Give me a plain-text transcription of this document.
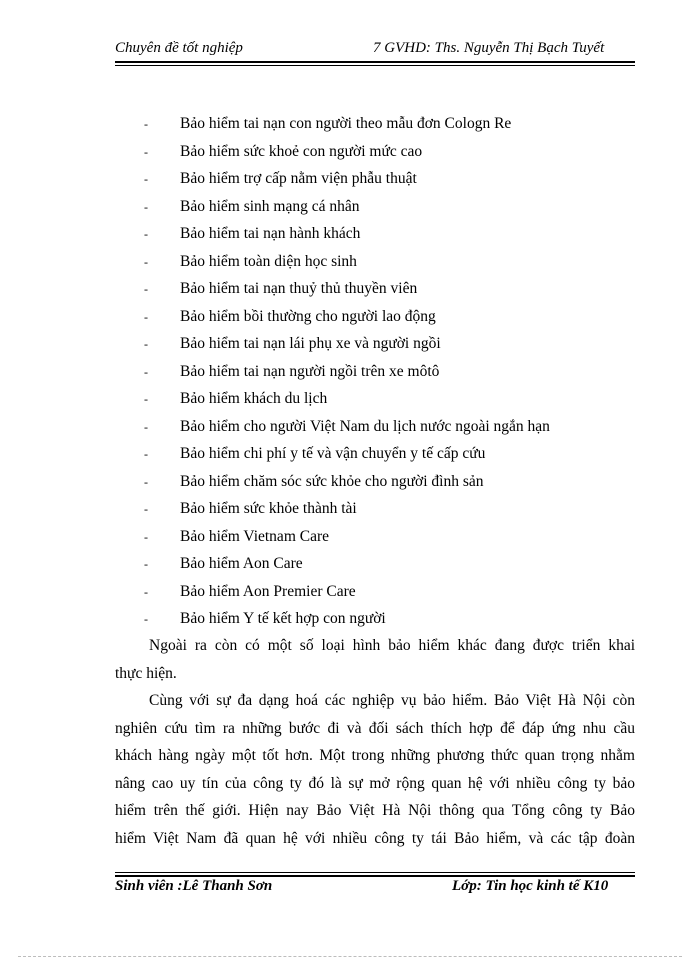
Chuyên đề tốt nghiệp	7 GVHD: Ths. Nguyễn Thị Bạch Tuyết
- Bảo hiểm tai nạn con người theo mẫu đơn Cologn Re
- Bảo hiểm sức khoẻ con người mức cao
- Bảo hiểm trợ cấp nằm viện phẫu thuật
- Bảo hiểm sinh mạng cá nhân
- Bảo hiểm tai nạn hành khách
- Bảo hiểm toàn diện học sinh
- Bảo hiểm tai nạn thuỷ thủ thuyền viên
- Bảo hiểm bồi thường cho người lao động
- Bảo hiểm tai nạn lái phụ xe và người ngồi
- Bảo hiểm tai nạn người ngồi trên xe môtô
- Bảo hiểm khách du lịch
- Bảo hiểm cho người Việt Nam du lịch nước ngoài ngắn hạn
- Bảo hiểm chi phí y tế và vận chuyển y tế cấp cứu
- Bảo hiểm chăm sóc sức khỏe cho người đình sản
- Bảo hiểm sức khỏe thành tài
- Bảo hiểm Vietnam Care
- Bảo hiểm Aon Care
- Bảo hiểm Aon Premier Care
- Bảo hiểm Y tế kết hợp con người
Ngoài ra còn có một số loại hình bảo hiểm khác đang được triển khai
thực hiện.
Cùng với sự đa dạng hoá các nghiệp vụ bảo hiểm. Bảo Việt Hà Nội còn
nghiên cứu tìm ra những bước đi và đối sách thích hợp để đáp ứng nhu cầu
khách hàng ngày một tốt hơn. Một trong những phương thức quan trọng nhằm
nâng cao uy tín của công ty đó là sự mở rộng quan hệ với nhiều công ty bảo
hiểm trên thế giới. Hiện nay Bảo Việt Hà Nội thông qua Tổng công ty Bảo
hiểm Việt Nam đã quan hệ với nhiều công ty tái Bảo hiểm, và các tập đoàn
Sinh viên :Lê Thanh Sơn	Lớp: Tin học kinh tế K10
